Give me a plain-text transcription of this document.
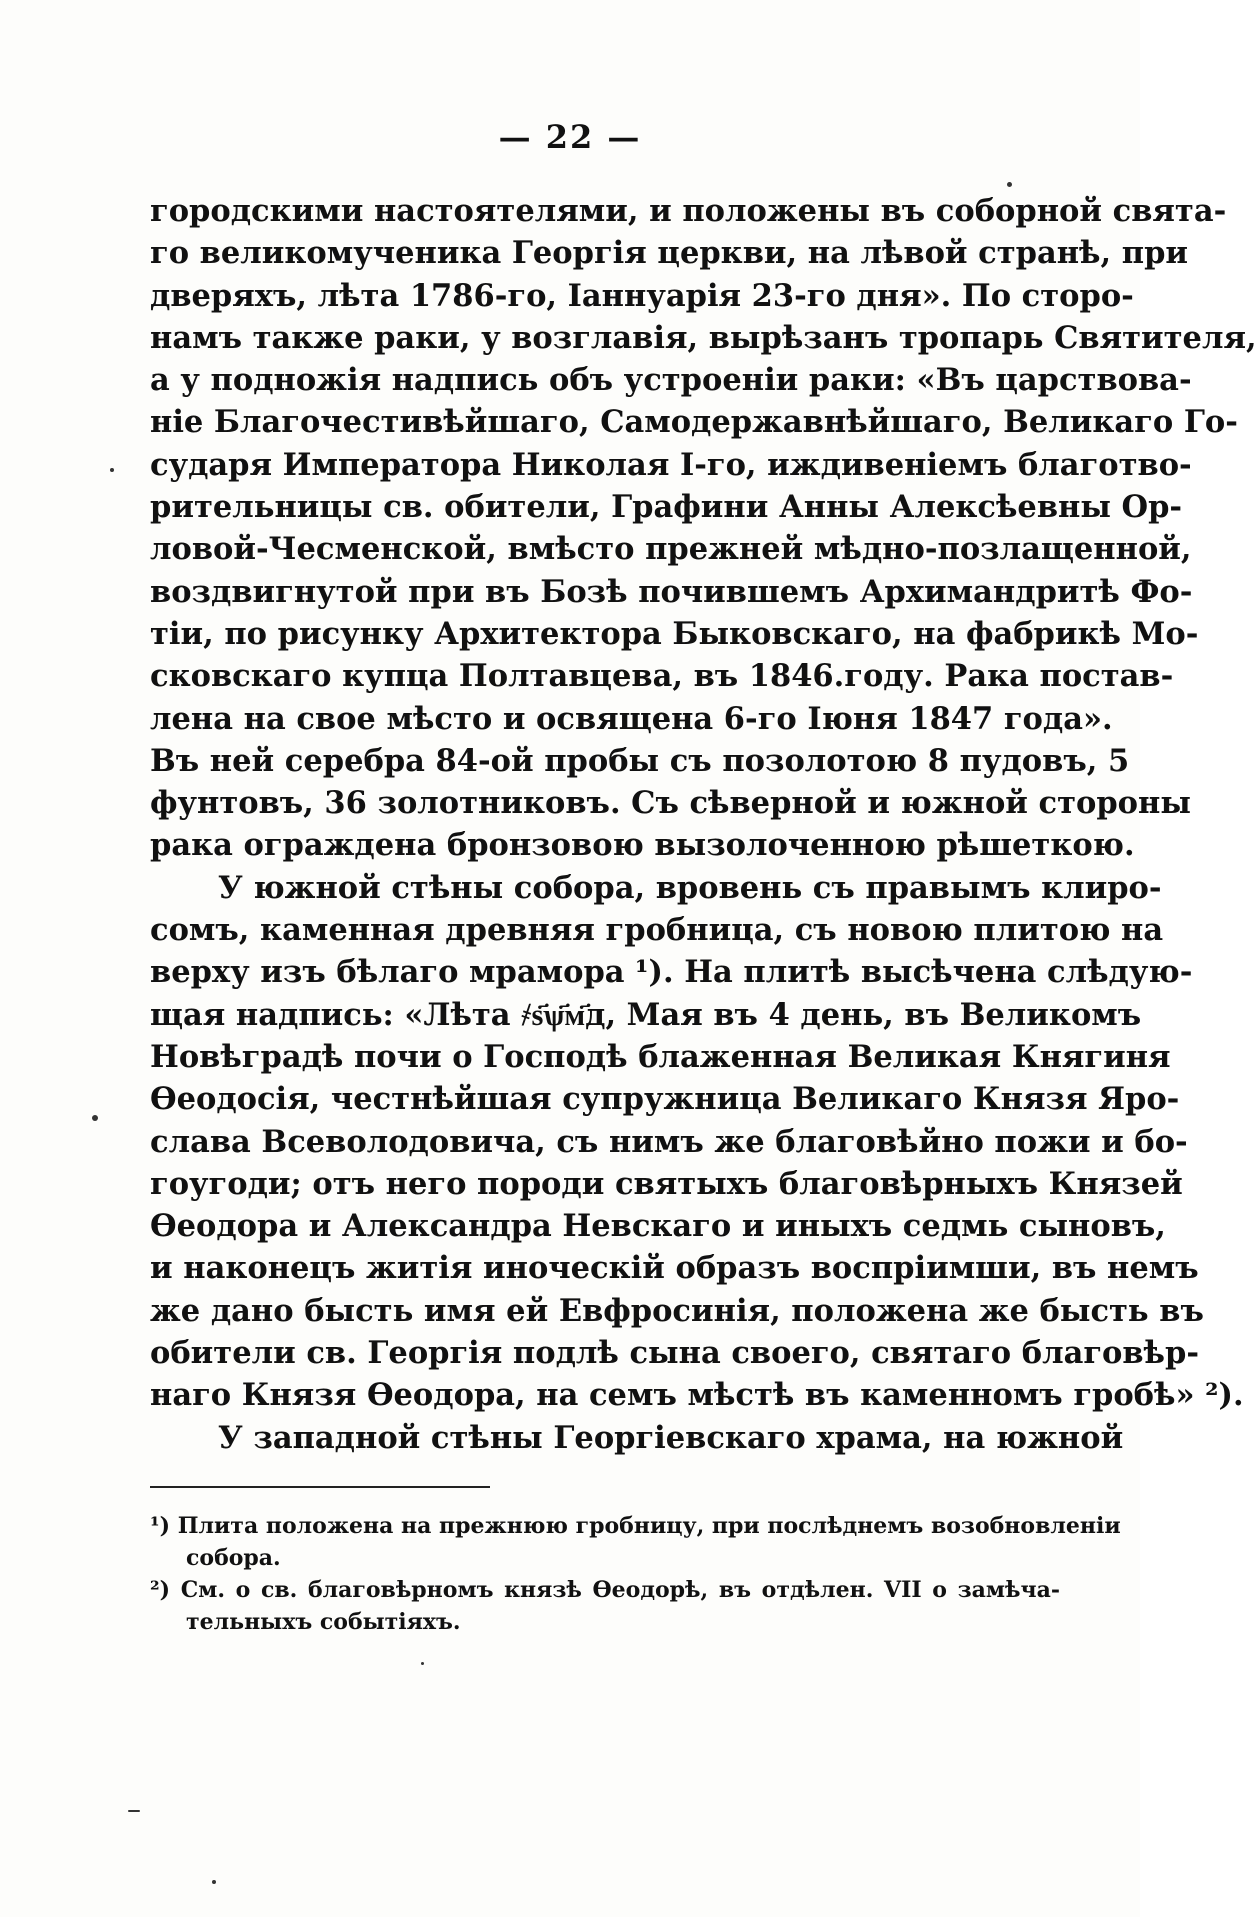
— 22 —
городскими настоятелями, и положены въ соборной свята-
го великомученика Георгія церкви, на лѣвой странѣ, при
дверяхъ, лѣта 1786-го, Іаннуарія 23-го дня». По сторо-
намъ также раки, у возглавія, вырѣзанъ тропарь Святителя,
а у подножія надпись объ устроеніи раки: «Въ царствова-
ніе Благочестивѣйшаго, Самодержавнѣйшаго, Великаго Го-
сударя Императора Николая I-го, иждивеніемъ благотво-
рительницы св. обители, Графини Анны Алексѣевны Ор-
ловой-Чесменской, вмѣсто прежней мѣдно-позлащенной,
воздвигнутой при въ Бозѣ почившемъ Архимандритѣ Фо-
тіи, по рисунку Архитектора Быковскаго, на фабрикѣ Мо-
сковскаго купца Полтавцева, въ 1846.году. Рака постав-
лена на свое мѣсто и освящена 6-го Іюня 1847 года».
Въ ней серебра 84-ой пробы съ позолотою 8 пудовъ, 5
фунтовъ, 36 золотниковъ. Съ сѣверной и южной стороны
рака ограждена бронзовою вызолоченною рѣшеткою.
У южной стѣны собора, вровень съ правымъ клиро-
сомъ, каменная древняя гробница, съ новою плитою на
верху изъ бѣлаго мрамора ¹). На плитѣ высѣчена слѣдую-
щая надпись: «Лѣта ҂ѕ҃ѱ҃м҃д, Мая въ 4 день, въ Великомъ
Новѣградѣ почи о Господѣ блаженная Великая Княгиня
Ѳеодосія, честнѣйшая супружница Великаго Князя Яро-
слава Всеволодовича, съ нимъ же благовѣйно пожи и бо-
гоугоди; отъ него породи святыхъ благовѣрныхъ Князей
Ѳеодора и Александра Невскаго и иныхъ седмь сыновъ,
и наконецъ житія иноческій образъ воспріимши, въ немъ
же дано бысть имя ей Евфросинія, положена же бысть въ
обители св. Георгія подлѣ сына своего, святаго благовѣр-
наго Князя Ѳеодора, на семъ мѣстѣ въ каменномъ гробѣ» ²).
У западной стѣны Георгіевскаго храма, на южной
¹) Плита положена на прежнюю гробницу, при послѣднемъ возобновленіи
собора.
²) См. о св. благовѣрномъ князѣ Ѳеодорѣ, въ отдѣлен. VII о замѣча-
тельныхъ событіяхъ.
